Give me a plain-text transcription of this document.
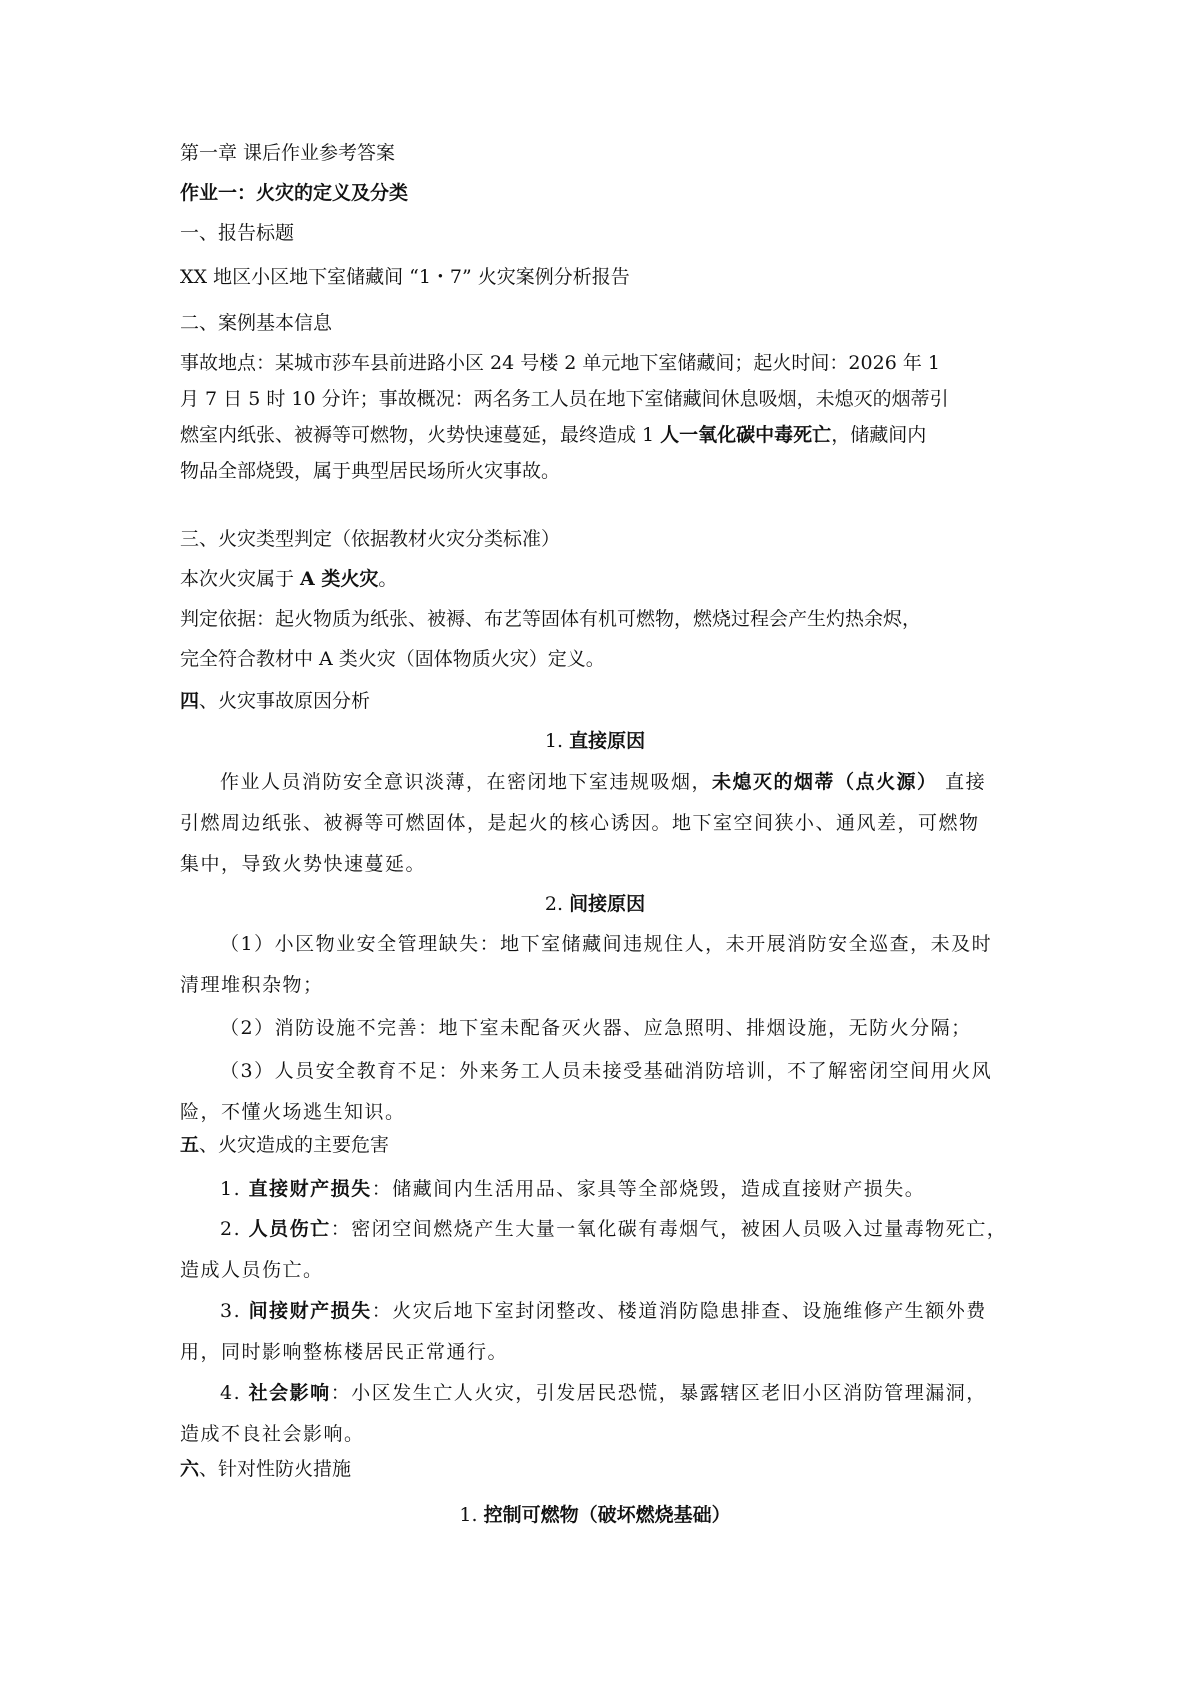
第一章 课后作业参考答案

作业一：火灾的定义及分类

一、报告标题

XX 地区小区地下室储藏间 “1・7” 火灾案例分析报告

二、案例基本信息

事故地点：某城市莎车县前进路小区 24 号楼 2 单元地下室储藏间；起火时间：2026 年 1

月 7 日 5 时 10 分许；事故概况：两名务工人员在地下室储藏间休息吸烟，未熄灭的烟蒂引

燃室内纸张、被褥等可燃物，火势快速蔓延，最终造成 1 人一氧化碳中毒死亡，储藏间内

物品全部烧毁，属于典型居民场所火灾事故。

三、火灾类型判定（依据教材火灾分类标准）

本次火灾属于 A 类火灾。

判定依据：起火物质为纸张、被褥、布艺等固体有机可燃物，燃烧过程会产生灼热余烬，

完全符合教材中 A 类火灾（固体物质火灾）定义。

四、火灾事故原因分析

1. 直接原因

作业人员消防安全意识淡薄，在密闭地下室违规吸烟，未熄灭的烟蒂（点火源） 直接

引燃周边纸张、被褥等可燃固体，是起火的核心诱因。地下室空间狭小、通风差，可燃物

集中，导致火势快速蔓延。

2. 间接原因

（1）小区物业安全管理缺失：地下室储藏间违规住人，未开展消防安全巡查，未及时

清理堆积杂物；

（2）消防设施不完善：地下室未配备灭火器、应急照明、排烟设施，无防火分隔；

（3）人员安全教育不足：外来务工人员未接受基础消防培训，不了解密闭空间用火风

险，不懂火场逃生知识。

五、火灾造成的主要危害

1. 直接财产损失：储藏间内生活用品、家具等全部烧毁，造成直接财产损失。

2. 人员伤亡：密闭空间燃烧产生大量一氧化碳有毒烟气，被困人员吸入过量毒物死亡，

造成人员伤亡。

3. 间接财产损失：火灾后地下室封闭整改、楼道消防隐患排查、设施维修产生额外费

用，同时影响整栋楼居民正常通行。

4. 社会影响：小区发生亡人火灾，引发居民恐慌，暴露辖区老旧小区消防管理漏洞，

造成不良社会影响。

六、针对性防火措施

1. 控制可燃物（破坏燃烧基础）
